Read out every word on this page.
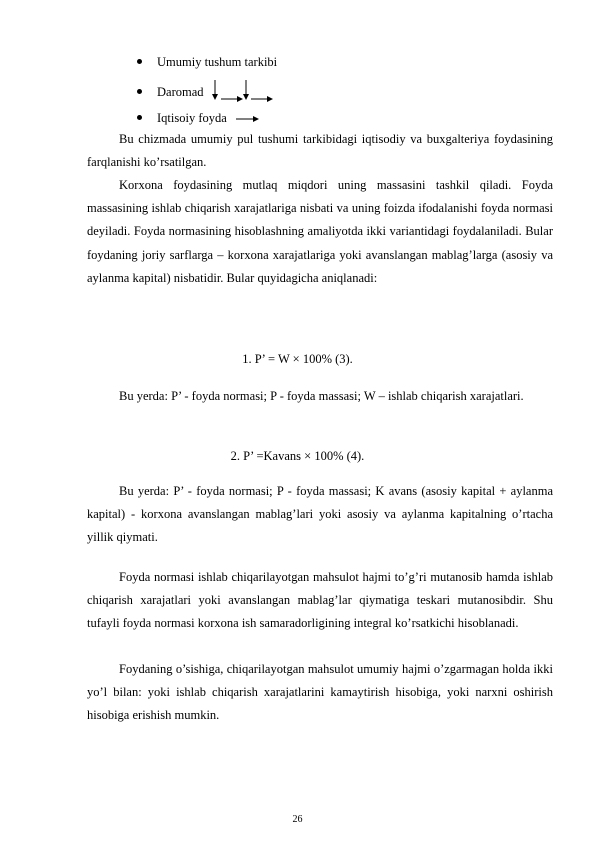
Umumiy tushum tarkibi
Daromad
Iqtisoiy foyda

Bu chizmada umumiy pul tushumi tarkibidagi iqtisodiy va buxgalteriya foydasining farqlanishi ko’rsatilgan.

Korxona foydasining mutlaq miqdori uning massasini tashkil qiladi. Foyda massasining ishlab chiqarish xarajatlariga nisbati va uning foizda ifodalanishi foyda normasi deyiladi. Foyda normasining hisoblashning amaliyotda ikki variantidagi foydalaniladi. Bular foydaning joriy sarflarga – korxona xarajatlariga yoki avanslangan mablag’larga (asosiy va aylanma kapital) nisbatidir. Bular quyidagicha aniqlanadi:

1. P’ = W × 100% (3).

Bu yerda: P’ - foyda normasi; P - foyda massasi; W – ishlab chiqarish xarajatlari.

2. P’ =Kavans × 100% (4).

Bu yerda: P’ - foyda normasi; P - foyda massasi; K avans (asosiy kapital + aylanma kapital) - korxona avanslangan mablag’lari yoki asosiy va aylanma kapitalning o’rtacha yillik qiymati.

Foyda normasi ishlab chiqarilayotgan mahsulot hajmi to’g’ri mutanosib hamda ishlab chiqarish xarajatlari yoki avanslangan mablag’lar qiymatiga teskari mutanosibdir. Shu tufayli foyda normasi korxona ish samaradorligining integral ko’rsatkichi hisoblanadi.

Foydaning o’sishiga, chiqarilayotgan mahsulot umumiy hajmi o’zgarmagan holda ikki yo’l bilan: yoki ishlab chiqarish xarajatlarini kamaytirish hisobiga, yoki narxni oshirish hisobiga erishish mumkin.

26
